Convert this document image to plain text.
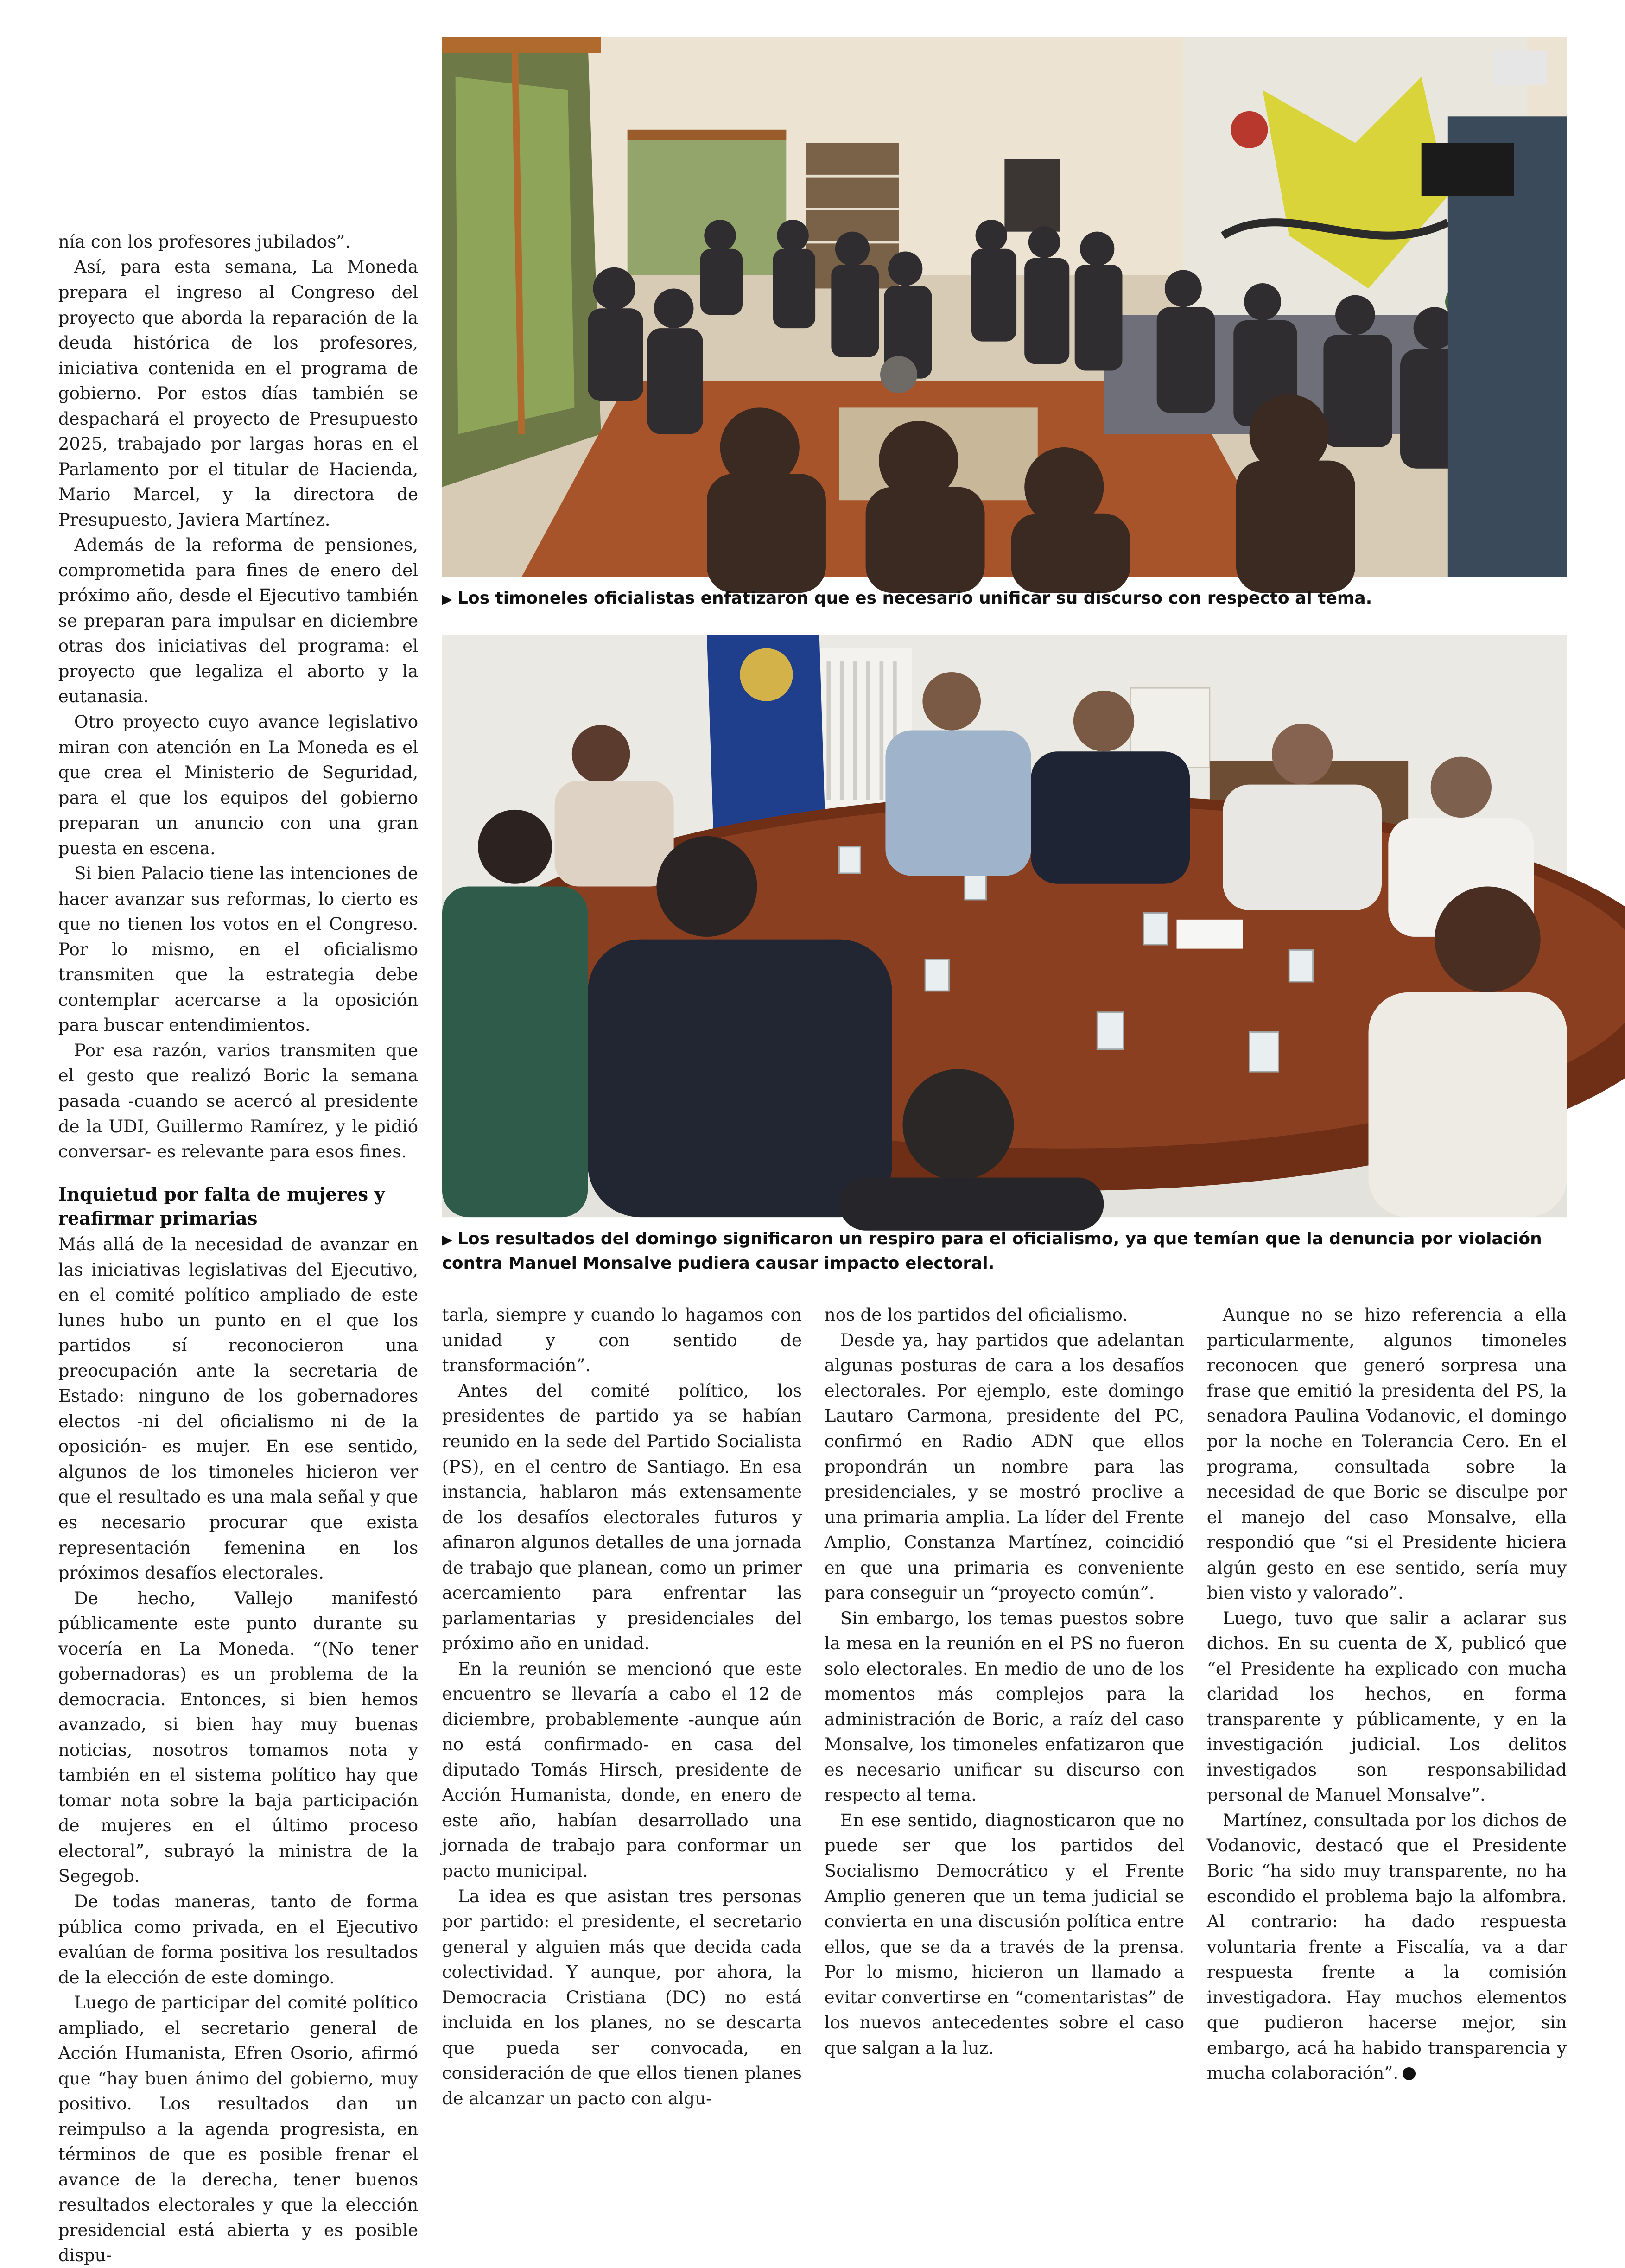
nía con los profesores jubilados”.

Así, para esta semana, La Moneda prepara el ingreso al Congreso del proyecto que aborda la reparación de la deuda histórica de los profesores, iniciativa contenida en el programa de gobierno. Por estos días también se despachará el proyecto de Presupuesto 2025, trabajado por largas horas en el Parlamento por el titular de Hacienda, Mario Marcel, y la directora de Presupuesto, Javiera Martínez.

Además de la reforma de pensiones, comprometida para fines de enero del próximo año, desde el Ejecutivo también se preparan para impulsar en diciembre otras dos iniciativas del programa: el proyecto que legaliza el aborto y la eutanasia.

Otro proyecto cuyo avance legislativo miran con atención en La Moneda es el que crea el Ministerio de Seguridad, para el que los equipos del gobierno preparan un anuncio con una gran puesta en escena.

Si bien Palacio tiene las intenciones de hacer avanzar sus reformas, lo cierto es que no tienen los votos en el Congreso. Por lo mismo, en el oficialismo transmiten que la estrategia debe contemplar acercarse a la oposición para buscar entendimientos.

Por esa razón, varios transmiten que el gesto que realizó Boric la semana pasada -cuando se acercó al presidente de la UDI, Guillermo Ramírez, y le pidió conversar- es relevante para esos fines.

Inquietud por falta de mujeres y reafirmar primarias

Más allá de la necesidad de avanzar en las iniciativas legislativas del Ejecutivo, en el comité político ampliado de este lunes hubo un punto en el que los partidos sí reconocieron una preocupación ante la secretaria de Estado: ninguno de los gobernadores electos -ni del oficialismo ni de la oposición- es mujer. En ese sentido, algunos de los timoneles hicieron ver que el resultado es una mala señal y que es necesario procurar que exista representación femenina en los próximos desafíos electorales.

De hecho, Vallejo manifestó públicamente este punto durante su vocería en La Moneda. “(No tener gobernadoras) es un problema de la democracia. Entonces, si bien hemos avanzado, si bien hay muy buenas noticias, nosotros tomamos nota y también en el sistema político hay que tomar nota sobre la baja participación de mujeres en el último proceso electoral”, subrayó la ministra de la Segegob.

De todas maneras, tanto de forma pública como privada, en el Ejecutivo evalúan de forma positiva los resultados de la elección de este domingo.

Luego de participar del comité político ampliado, el secretario general de Acción Humanista, Efren Osorio, afirmó que “hay buen ánimo del gobierno, muy positivo. Los resultados dan un reimpulso a la agenda progresista, en términos de que es posible frenar el avance de la derecha, tener buenos resultados electorales y que la elección presidencial está abierta y es posible dispu-

▶ Los timoneles oficialistas enfatizaron que es necesario unificar su discurso con respecto al tema.
▶ Los resultados del domingo significaron un respiro para el oficialismo, ya que temían que la denuncia por violación contra Manuel Monsalve pudiera causar impacto electoral.

tarla, siempre y cuando lo hagamos con unidad y con sentido de transformación”.

Antes del comité político, los presidentes de partido ya se habían reunido en la sede del Partido Socialista (PS), en el centro de Santiago. En esa instancia, hablaron más extensamente de los desafíos electorales futuros y afinaron algunos detalles de una jornada de trabajo que planean, como un primer acercamiento para enfrentar las parlamentarias y presidenciales del próximo año en unidad.

En la reunión se mencionó que este encuentro se llevaría a cabo el 12 de diciembre, probablemente -aunque aún no está confirmado- en casa del diputado Tomás Hirsch, presidente de Acción Humanista, donde, en enero de este año, habían desarrollado una jornada de trabajo para conformar un pacto municipal.

La idea es que asistan tres personas por partido: el presidente, el secretario general y alguien más que decida cada colectividad. Y aunque, por ahora, la Democracia Cristiana (DC) no está incluida en los planes, no se descarta que pueda ser convocada, en consideración de que ellos tienen planes de alcanzar un pacto con algu-

nos de los partidos del oficialismo.

Desde ya, hay partidos que adelantan algunas posturas de cara a los desafíos electorales. Por ejemplo, este domingo Lautaro Carmona, presidente del PC, confirmó en Radio ADN que ellos propondrán un nombre para las presidenciales, y se mostró proclive a una primaria amplia. La líder del Frente Amplio, Constanza Martínez, coincidió en que una primaria es conveniente para conseguir un “proyecto común”.

Sin embargo, los temas puestos sobre la mesa en la reunión en el PS no fueron solo electorales. En medio de uno de los momentos más complejos para la administración de Boric, a raíz del caso Monsalve, los timoneles enfatizaron que es necesario unificar su discurso con respecto al tema.

En ese sentido, diagnosticaron que no puede ser que los partidos del Socialismo Democrático y el Frente Amplio generen que un tema judicial se convierta en una discusión política entre ellos, que se da a través de la prensa. Por lo mismo, hicieron un llamado a evitar convertirse en “comentaristas” de los nuevos antecedentes sobre el caso que salgan a la luz.

Aunque no se hizo referencia a ella particularmente, algunos timoneles reconocen que generó sorpresa una frase que emitió la presidenta del PS, la senadora Paulina Vodanovic, el domingo por la noche en Tolerancia Cero. En el programa, consultada sobre la necesidad de que Boric se disculpe por el manejo del caso Monsalve, ella respondió que “si el Presidente hiciera algún gesto en ese sentido, sería muy bien visto y valorado”.

Luego, tuvo que salir a aclarar sus dichos. En su cuenta de X, publicó que “el Presidente ha explicado con mucha claridad los hechos, en forma transparente y públicamente, y en la investigación judicial. Los delitos investigados son responsabilidad personal de Manuel Monsalve”.

Martínez, consultada por los dichos de Vodanovic, destacó que el Presidente Boric “ha sido muy transparente, no ha escondido el problema bajo la alfombra. Al contrario: ha dado respuesta voluntaria frente a Fiscalía, va a dar respuesta frente a la comisión investigadora. Hay muchos elementos que pudieron hacerse mejor, sin embargo, acá ha habido transparencia y mucha colaboración”.
